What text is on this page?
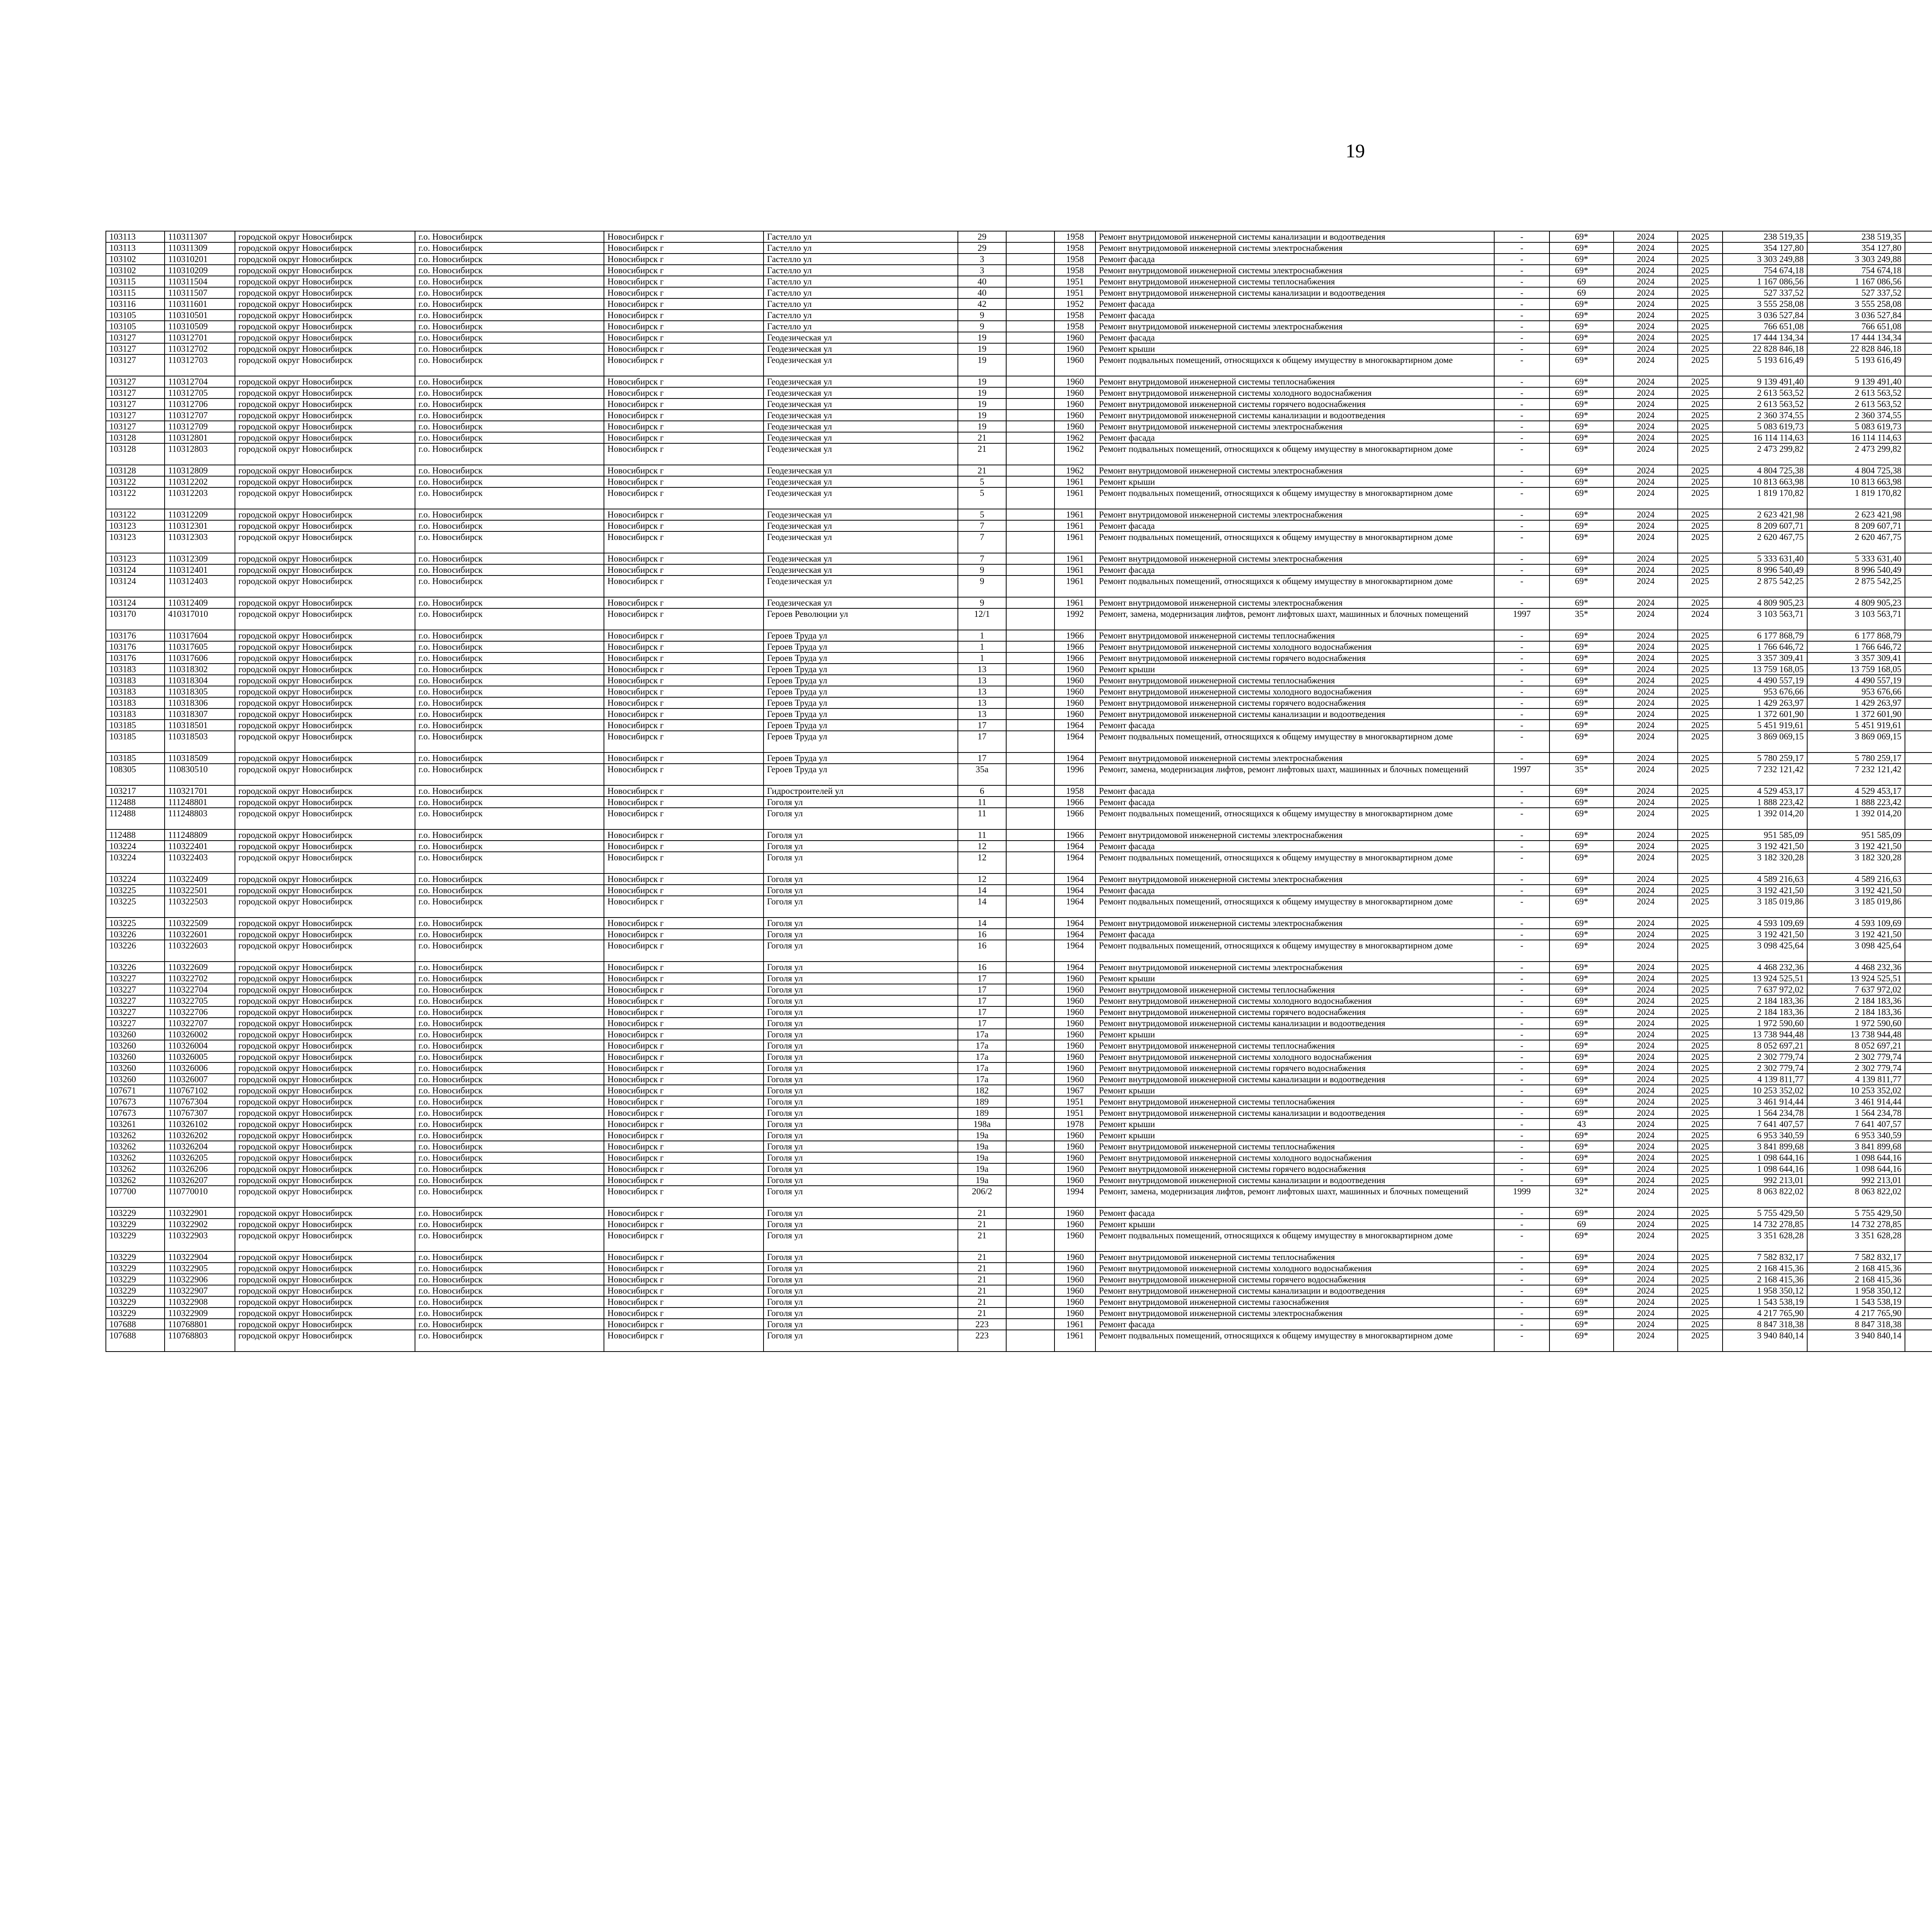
19
103113	110311307	городской округ Новосибирск	г.о. Новосибирск	Новосибирск г	Гастелло ул	29		1958	Ремонт внутридомовой инженерной системы канализации и водоотведения	-	69*	2024	2025	238 519,35	238 519,35						
103113	110311309	городской округ Новосибирск	г.о. Новосибирск	Новосибирск г	Гастелло ул	29		1958	Ремонт внутридомовой инженерной системы электроснабжения	-	69*	2024	2025	354 127,80	354 127,80						
103102	110310201	городской округ Новосибирск	г.о. Новосибирск	Новосибирск г	Гастелло ул	3		1958	Ремонт фасада	-	69*	2024	2025	3 303 249,88	3 303 249,88						
103102	110310209	городской округ Новосибирск	г.о. Новосибирск	Новосибирск г	Гастелло ул	3		1958	Ремонт внутридомовой инженерной системы электроснабжения	-	69*	2024	2025	754 674,18	754 674,18						
103115	110311504	городской округ Новосибирск	г.о. Новосибирск	Новосибирск г	Гастелло ул	40		1951	Ремонт внутридомовой инженерной системы теплоснабжения	-	69	2024	2025	1 167 086,56	1 167 086,56						
103115	110311507	городской округ Новосибирск	г.о. Новосибирск	Новосибирск г	Гастелло ул	40		1951	Ремонт внутридомовой инженерной системы канализации и водоотведения	-	69	2024	2025	527 337,52	527 337,52						
103116	110311601	городской округ Новосибирск	г.о. Новосибирск	Новосибирск г	Гастелло ул	42		1952	Ремонт фасада	-	69*	2024	2025	3 555 258,08	3 555 258,08						
103105	110310501	городской округ Новосибирск	г.о. Новосибирск	Новосибирск г	Гастелло ул	9		1958	Ремонт фасада	-	69*	2024	2025	3 036 527,84	3 036 527,84						
103105	110310509	городской округ Новосибирск	г.о. Новосибирск	Новосибирск г	Гастелло ул	9		1958	Ремонт внутридомовой инженерной системы электроснабжения	-	69*	2024	2025	766 651,08	766 651,08						
103127	110312701	городской округ Новосибирск	г.о. Новосибирск	Новосибирск г	Геодезическая ул	19		1960	Ремонт фасада	-	69*	2024	2025	17 444 134,34	17 444 134,34						
103127	110312702	городской округ Новосибирск	г.о. Новосибирск	Новосибирск г	Геодезическая ул	19		1960	Ремонт крыши	-	69*	2024	2025	22 828 846,18	22 828 846,18						
103127	110312703	городской округ Новосибирск	г.о. Новосибирск	Новосибирск г	Геодезическая ул	19		1960	Ремонт подвальных помещений, относящихся к общему имуществу в многоквартирном доме	-	69*	2024	2025	5 193 616,49	5 193 616,49						
103127	110312704	городской округ Новосибирск	г.о. Новосибирск	Новосибирск г	Геодезическая ул	19		1960	Ремонт внутридомовой инженерной системы теплоснабжения	-	69*	2024	2025	9 139 491,40	9 139 491,40						
103127	110312705	городской округ Новосибирск	г.о. Новосибирск	Новосибирск г	Геодезическая ул	19		1960	Ремонт внутридомовой инженерной системы холодного водоснабжения	-	69*	2024	2025	2 613 563,52	2 613 563,52						
103127	110312706	городской округ Новосибирск	г.о. Новосибирск	Новосибирск г	Геодезическая ул	19		1960	Ремонт внутридомовой инженерной системы горячего водоснабжения	-	69*	2024	2025	2 613 563,52	2 613 563,52						
103127	110312707	городской округ Новосибирск	г.о. Новосибирск	Новосибирск г	Геодезическая ул	19		1960	Ремонт внутридомовой инженерной системы канализации и водоотведения	-	69*	2024	2025	2 360 374,55	2 360 374,55						
103127	110312709	городской округ Новосибирск	г.о. Новосибирск	Новосибирск г	Геодезическая ул	19		1960	Ремонт внутридомовой инженерной системы электроснабжения	-	69*	2024	2025	5 083 619,73	5 083 619,73						
103128	110312801	городской округ Новосибирск	г.о. Новосибирск	Новосибирск г	Геодезическая ул	21		1962	Ремонт фасада	-	69*	2024	2025	16 114 114,63	16 114 114,63						
103128	110312803	городской округ Новосибирск	г.о. Новосибирск	Новосибирск г	Геодезическая ул	21		1962	Ремонт подвальных помещений, относящихся к общему имуществу в многоквартирном доме	-	69*	2024	2025	2 473 299,82	2 473 299,82						
103128	110312809	городской округ Новосибирск	г.о. Новосибирск	Новосибирск г	Геодезическая ул	21		1962	Ремонт внутридомовой инженерной системы электроснабжения	-	69*	2024	2025	4 804 725,38	4 804 725,38						
103122	110312202	городской округ Новосибирск	г.о. Новосибирск	Новосибирск г	Геодезическая ул	5		1961	Ремонт крыши	-	69*	2024	2025	10 813 663,98	10 813 663,98						
103122	110312203	городской округ Новосибирск	г.о. Новосибирск	Новосибирск г	Геодезическая ул	5		1961	Ремонт подвальных помещений, относящихся к общему имуществу в многоквартирном доме	-	69*	2024	2025	1 819 170,82	1 819 170,82						
103122	110312209	городской округ Новосибирск	г.о. Новосибирск	Новосибирск г	Геодезическая ул	5		1961	Ремонт внутридомовой инженерной системы электроснабжения	-	69*	2024	2025	2 623 421,98	2 623 421,98						
103123	110312301	городской округ Новосибирск	г.о. Новосибирск	Новосибирск г	Геодезическая ул	7		1961	Ремонт фасада	-	69*	2024	2025	8 209 607,71	8 209 607,71						
103123	110312303	городской округ Новосибирск	г.о. Новосибирск	Новосибирск г	Геодезическая ул	7		1961	Ремонт подвальных помещений, относящихся к общему имуществу в многоквартирном доме	-	69*	2024	2025	2 620 467,75	2 620 467,75						
103123	110312309	городской округ Новосибирск	г.о. Новосибирск	Новосибирск г	Геодезическая ул	7		1961	Ремонт внутридомовой инженерной системы электроснабжения	-	69*	2024	2025	5 333 631,40	5 333 631,40						
103124	110312401	городской округ Новосибирск	г.о. Новосибирск	Новосибирск г	Геодезическая ул	9		1961	Ремонт фасада	-	69*	2024	2025	8 996 540,49	8 996 540,49						
103124	110312403	городской округ Новосибирск	г.о. Новосибирск	Новосибирск г	Геодезическая ул	9		1961	Ремонт подвальных помещений, относящихся к общему имуществу в многоквартирном доме	-	69*	2024	2025	2 875 542,25	2 875 542,25						
103124	110312409	городской округ Новосибирск	г.о. Новосибирск	Новосибирск г	Геодезическая ул	9		1961	Ремонт внутридомовой инженерной системы электроснабжения	-	69*	2024	2025	4 809 905,23	4 809 905,23						
103170	410317010	городской округ Новосибирск	г.о. Новосибирск	Новосибирск г	Героев Революции ул	12/1		1992	Ремонт, замена, модернизация лифтов, ремонт лифтовых шахт, машинных и блочных помещений	1997	35*	2024	2024	3 103 563,71	3 103 563,71						
103176	110317604	городской округ Новосибирск	г.о. Новосибирск	Новосибирск г	Героев Труда ул	1		1966	Ремонт внутридомовой инженерной системы теплоснабжения	-	69*	2024	2025	6 177 868,79	6 177 868,79						
103176	110317605	городской округ Новосибирск	г.о. Новосибирск	Новосибирск г	Героев Труда ул	1		1966	Ремонт внутридомовой инженерной системы холодного водоснабжения	-	69*	2024	2025	1 766 646,72	1 766 646,72						
103176	110317606	городской округ Новосибирск	г.о. Новосибирск	Новосибирск г	Героев Труда ул	1		1966	Ремонт внутридомовой инженерной системы горячего водоснабжения	-	69*	2024	2025	3 357 309,41	3 357 309,41						
103183	110318302	городской округ Новосибирск	г.о. Новосибирск	Новосибирск г	Героев Труда ул	13		1960	Ремонт крыши	-	69*	2024	2025	13 759 168,05	13 759 168,05						
103183	110318304	городской округ Новосибирск	г.о. Новосибирск	Новосибирск г	Героев Труда ул	13		1960	Ремонт внутридомовой инженерной системы теплоснабжения	-	69*	2024	2025	4 490 557,19	4 490 557,19						
103183	110318305	городской округ Новосибирск	г.о. Новосибирск	Новосибирск г	Героев Труда ул	13		1960	Ремонт внутридомовой инженерной системы холодного водоснабжения	-	69*	2024	2025	953 676,66	953 676,66						
103183	110318306	городской округ Новосибирск	г.о. Новосибирск	Новосибирск г	Героев Труда ул	13		1960	Ремонт внутридомовой инженерной системы горячего водоснабжения	-	69*	2024	2025	1 429 263,97	1 429 263,97						
103183	110318307	городской округ Новосибирск	г.о. Новосибирск	Новосибирск г	Героев Труда ул	13		1960	Ремонт внутридомовой инженерной системы канализации и водоотведения	-	69*	2024	2025	1 372 601,90	1 372 601,90						
103185	110318501	городской округ Новосибирск	г.о. Новосибирск	Новосибирск г	Героев Труда ул	17		1964	Ремонт фасада	-	69*	2024	2025	5 451 919,61	5 451 919,61						
103185	110318503	городской округ Новосибирск	г.о. Новосибирск	Новосибирск г	Героев Труда ул	17		1964	Ремонт подвальных помещений, относящихся к общему имуществу в многоквартирном доме	-	69*	2024	2025	3 869 069,15	3 869 069,15						
103185	110318509	городской округ Новосибирск	г.о. Новосибирск	Новосибирск г	Героев Труда ул	17		1964	Ремонт внутридомовой инженерной системы электроснабжения	-	69*	2024	2025	5 780 259,17	5 780 259,17						
108305	110830510	городской округ Новосибирск	г.о. Новосибирск	Новосибирск г	Героев Труда ул	35а		1996	Ремонт, замена, модернизация лифтов, ремонт лифтовых шахт, машинных и блочных помещений	1997	35*	2024	2025	7 232 121,42	7 232 121,42						
103217	110321701	городской округ Новосибирск	г.о. Новосибирск	Новосибирск г	Гидростроителей ул	6		1958	Ремонт фасада	-	69*	2024	2025	4 529 453,17	4 529 453,17						
112488	111248801	городской округ Новосибирск	г.о. Новосибирск	Новосибирск г	Гоголя ул	11		1966	Ремонт фасада	-	69*	2024	2025	1 888 223,42	1 888 223,42						
112488	111248803	городской округ Новосибирск	г.о. Новосибирск	Новосибирск г	Гоголя ул	11		1966	Ремонт подвальных помещений, относящихся к общему имуществу в многоквартирном доме	-	69*	2024	2025	1 392 014,20	1 392 014,20						
112488	111248809	городской округ Новосибирск	г.о. Новосибирск	Новосибирск г	Гоголя ул	11		1966	Ремонт внутридомовой инженерной системы электроснабжения	-	69*	2024	2025	951 585,09	951 585,09						
103224	110322401	городской округ Новосибирск	г.о. Новосибирск	Новосибирск г	Гоголя ул	12		1964	Ремонт фасада	-	69*	2024	2025	3 192 421,50	3 192 421,50						
103224	110322403	городской округ Новосибирск	г.о. Новосибирск	Новосибирск г	Гоголя ул	12		1964	Ремонт подвальных помещений, относящихся к общему имуществу в многоквартирном доме	-	69*	2024	2025	3 182 320,28	3 182 320,28						
103224	110322409	городской округ Новосибирск	г.о. Новосибирск	Новосибирск г	Гоголя ул	12		1964	Ремонт внутридомовой инженерной системы электроснабжения	-	69*	2024	2025	4 589 216,63	4 589 216,63						
103225	110322501	городской округ Новосибирск	г.о. Новосибирск	Новосибирск г	Гоголя ул	14		1964	Ремонт фасада	-	69*	2024	2025	3 192 421,50	3 192 421,50						
103225	110322503	городской округ Новосибирск	г.о. Новосибирск	Новосибирск г	Гоголя ул	14		1964	Ремонт подвальных помещений, относящихся к общему имуществу в многоквартирном доме	-	69*	2024	2025	3 185 019,86	3 185 019,86						
103225	110322509	городской округ Новосибирск	г.о. Новосибирск	Новосибирск г	Гоголя ул	14		1964	Ремонт внутридомовой инженерной системы электроснабжения	-	69*	2024	2025	4 593 109,69	4 593 109,69						
103226	110322601	городской округ Новосибирск	г.о. Новосибирск	Новосибирск г	Гоголя ул	16		1964	Ремонт фасада	-	69*	2024	2025	3 192 421,50	3 192 421,50						
103226	110322603	городской округ Новосибирск	г.о. Новосибирск	Новосибирск г	Гоголя ул	16		1964	Ремонт подвальных помещений, относящихся к общему имуществу в многоквартирном доме	-	69*	2024	2025	3 098 425,64	3 098 425,64						
103226	110322609	городской округ Новосибирск	г.о. Новосибирск	Новосибирск г	Гоголя ул	16		1964	Ремонт внутридомовой инженерной системы электроснабжения	-	69*	2024	2025	4 468 232,36	4 468 232,36						
103227	110322702	городской округ Новосибирск	г.о. Новосибирск	Новосибирск г	Гоголя ул	17		1960	Ремонт крыши	-	69*	2024	2025	13 924 525,51	13 924 525,51						
103227	110322704	городской округ Новосибирск	г.о. Новосибирск	Новосибирск г	Гоголя ул	17		1960	Ремонт внутридомовой инженерной системы теплоснабжения	-	69*	2024	2025	7 637 972,02	7 637 972,02						
103227	110322705	городской округ Новосибирск	г.о. Новосибирск	Новосибирск г	Гоголя ул	17		1960	Ремонт внутридомовой инженерной системы холодного водоснабжения	-	69*	2024	2025	2 184 183,36	2 184 183,36						
103227	110322706	городской округ Новосибирск	г.о. Новосибирск	Новосибирск г	Гоголя ул	17		1960	Ремонт внутридомовой инженерной системы горячего водоснабжения	-	69*	2024	2025	2 184 183,36	2 184 183,36						
103227	110322707	городской округ Новосибирск	г.о. Новосибирск	Новосибирск г	Гоголя ул	17		1960	Ремонт внутридомовой инженерной системы канализации и водоотведения	-	69*	2024	2025	1 972 590,60	1 972 590,60						
103260	110326002	городской округ Новосибирск	г.о. Новосибирск	Новосибирск г	Гоголя ул	17а		1960	Ремонт крыши	-	69*	2024	2025	13 738 944,48	13 738 944,48						
103260	110326004	городской округ Новосибирск	г.о. Новосибирск	Новосибирск г	Гоголя ул	17а		1960	Ремонт внутридомовой инженерной системы теплоснабжения	-	69*	2024	2025	8 052 697,21	8 052 697,21						
103260	110326005	городской округ Новосибирск	г.о. Новосибирск	Новосибирск г	Гоголя ул	17а		1960	Ремонт внутридомовой инженерной системы холодного водоснабжения	-	69*	2024	2025	2 302 779,74	2 302 779,74						
103260	110326006	городской округ Новосибирск	г.о. Новосибирск	Новосибирск г	Гоголя ул	17а		1960	Ремонт внутридомовой инженерной системы горячего водоснабжения	-	69*	2024	2025	2 302 779,74	2 302 779,74						
103260	110326007	городской округ Новосибирск	г.о. Новосибирск	Новосибирск г	Гоголя ул	17а		1960	Ремонт внутридомовой инженерной системы канализации и водоотведения	-	69*	2024	2025	4 139 811,77	4 139 811,77						
107671	110767102	городской округ Новосибирск	г.о. Новосибирск	Новосибирск г	Гоголя ул	182		1967	Ремонт крыши	-	69*	2024	2025	10 253 352,02	10 253 352,02						
107673	110767304	городской округ Новосибирск	г.о. Новосибирск	Новосибирск г	Гоголя ул	189		1951	Ремонт внутридомовой инженерной системы теплоснабжения	-	69*	2024	2025	3 461 914,44	3 461 914,44						
107673	110767307	городской округ Новосибирск	г.о. Новосибирск	Новосибирск г	Гоголя ул	189		1951	Ремонт внутридомовой инженерной системы канализации и водоотведения	-	69*	2024	2025	1 564 234,78	1 564 234,78						
103261	110326102	городской округ Новосибирск	г.о. Новосибирск	Новосибирск г	Гоголя ул	198а		1978	Ремонт крыши	-	43	2024	2025	7 641 407,57	7 641 407,57						
103262	110326202	городской округ Новосибирск	г.о. Новосибирск	Новосибирск г	Гоголя ул	19а		1960	Ремонт крыши	-	69*	2024	2025	6 953 340,59	6 953 340,59						
103262	110326204	городской округ Новосибирск	г.о. Новосибирск	Новосибирск г	Гоголя ул	19а		1960	Ремонт внутридомовой инженерной системы теплоснабжения	-	69*	2024	2025	3 841 899,68	3 841 899,68						
103262	110326205	городской округ Новосибирск	г.о. Новосибирск	Новосибирск г	Гоголя ул	19а		1960	Ремонт внутридомовой инженерной системы холодного водоснабжения	-	69*	2024	2025	1 098 644,16	1 098 644,16						
103262	110326206	городской округ Новосибирск	г.о. Новосибирск	Новосибирск г	Гоголя ул	19а		1960	Ремонт внутридомовой инженерной системы горячего водоснабжения	-	69*	2024	2025	1 098 644,16	1 098 644,16						
103262	110326207	городской округ Новосибирск	г.о. Новосибирск	Новосибирск г	Гоголя ул	19а		1960	Ремонт внутридомовой инженерной системы канализации и водоотведения	-	69*	2024	2025	992 213,01	992 213,01						
107700	110770010	городской округ Новосибирск	г.о. Новосибирск	Новосибирск г	Гоголя ул	206/2		1994	Ремонт, замена, модернизация лифтов, ремонт лифтовых шахт, машинных и блочных помещений	1999	32*	2024	2025	8 063 822,02	8 063 822,02						
103229	110322901	городской округ Новосибирск	г.о. Новосибирск	Новосибирск г	Гоголя ул	21		1960	Ремонт фасада	-	69*	2024	2025	5 755 429,50	5 755 429,50						
103229	110322902	городской округ Новосибирск	г.о. Новосибирск	Новосибирск г	Гоголя ул	21		1960	Ремонт крыши	-	69	2024	2025	14 732 278,85	14 732 278,85						
103229	110322903	городской округ Новосибирск	г.о. Новосибирск	Новосибирск г	Гоголя ул	21		1960	Ремонт подвальных помещений, относящихся к общему имуществу в многоквартирном доме	-	69*	2024	2025	3 351 628,28	3 351 628,28						
103229	110322904	городской округ Новосибирск	г.о. Новосибирск	Новосибирск г	Гоголя ул	21		1960	Ремонт внутридомовой инженерной системы теплоснабжения	-	69*	2024	2025	7 582 832,17	7 582 832,17						
103229	110322905	городской округ Новосибирск	г.о. Новосибирск	Новосибирск г	Гоголя ул	21		1960	Ремонт внутридомовой инженерной системы холодного водоснабжения	-	69*	2024	2025	2 168 415,36	2 168 415,36						
103229	110322906	городской округ Новосибирск	г.о. Новосибирск	Новосибирск г	Гоголя ул	21		1960	Ремонт внутридомовой инженерной системы горячего водоснабжения	-	69*	2024	2025	2 168 415,36	2 168 415,36						
103229	110322907	городской округ Новосибирск	г.о. Новосибирск	Новосибирск г	Гоголя ул	21		1960	Ремонт внутридомовой инженерной системы канализации и водоотведения	-	69*	2024	2025	1 958 350,12	1 958 350,12						
103229	110322908	городской округ Новосибирск	г.о. Новосибирск	Новосибирск г	Гоголя ул	21		1960	Ремонт внутридомовой инженерной системы газоснабжения	-	69*	2024	2025	1 543 538,19	1 543 538,19						
103229	110322909	городской округ Новосибирск	г.о. Новосибирск	Новосибирск г	Гоголя ул	21		1960	Ремонт внутридомовой инженерной системы электроснабжения	-	69*	2024	2025	4 217 765,90	4 217 765,90						
107688	110768801	городской округ Новосибирск	г.о. Новосибирск	Новосибирск г	Гоголя ул	223		1961	Ремонт фасада	-	69*	2024	2025	8 847 318,38	8 847 318,38						
107688	110768803	городской округ Новосибирск	г.о. Новосибирск	Новосибирск г	Гоголя ул	223		1961	Ремонт подвальных помещений, относящихся к общему имуществу в многоквартирном доме	-	69*	2024	2025	3 940 840,14	3 940 840,14						
